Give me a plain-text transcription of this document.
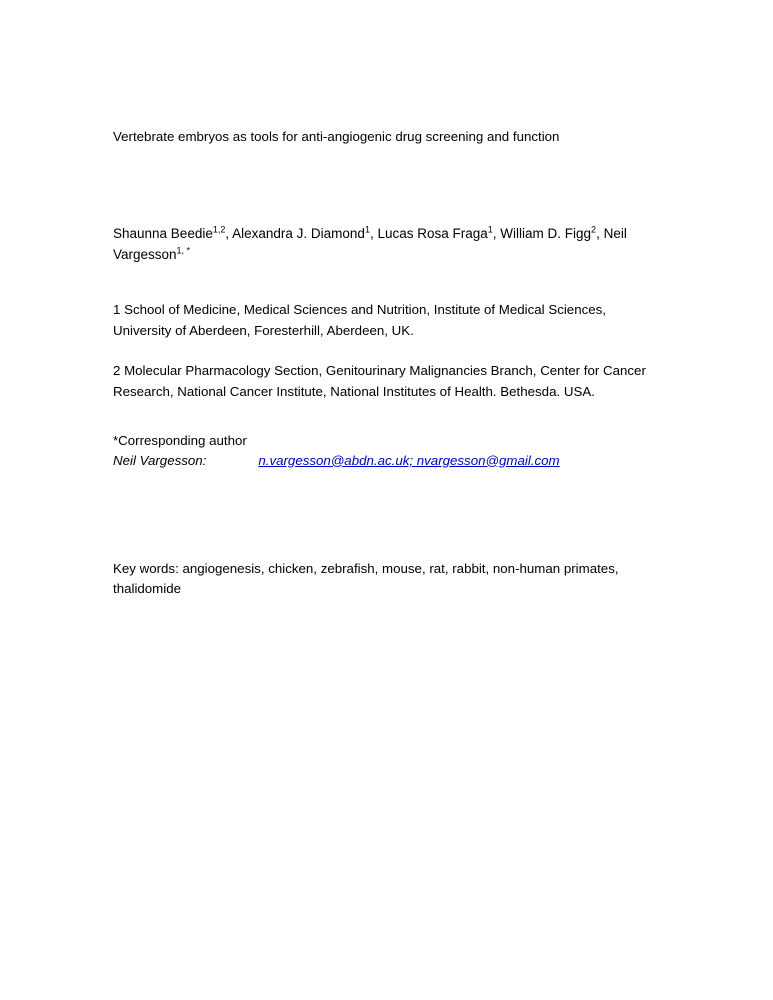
Vertebrate embryos as tools for anti-angiogenic drug screening and function

Shaunna Beedie$^{1,2}$, Alexandra J. Diamond$^1$, Lucas Rosa Fraga$^1$, William D. Figg$^2$, Neil Vargesson$^{1, *}$

1 School of Medicine, Medical Sciences and Nutrition, Institute of Medical Sciences, University of Aberdeen, Foresterhill, Aberdeen, UK.

2 Molecular Pharmacology Section, Genitourinary Malignancies Branch, Center for Cancer Research, National Cancer Institute, National Institutes of Health. Bethesda. USA.

*Corresponding author

Neil Vargesson:	n.vargesson@abdn.ac.uk; nvargesson@gmail.com

Key words: angiogenesis, chicken, zebrafish, mouse, rat, rabbit, non-human primates, thalidomide
